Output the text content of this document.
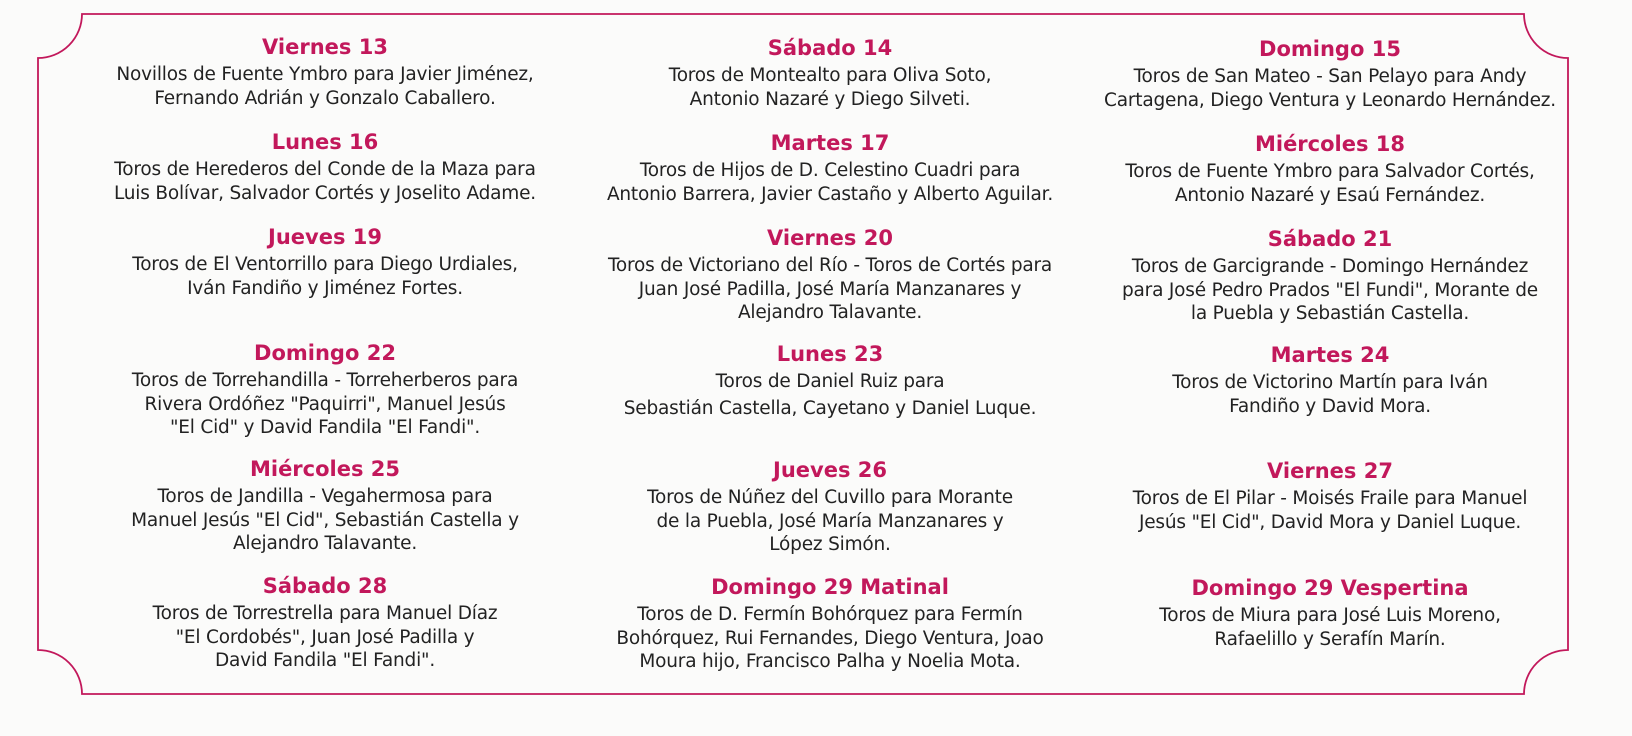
Viernes 13
Novillos de Fuente Ymbro para Javier Jiménez,
Fernando Adrián y Gonzalo Caballero.
Sábado 14
Toros de Montealto para Oliva Soto,
Antonio Nazaré y Diego Silveti.
Domingo 15
Toros de San Mateo - San Pelayo para Andy
Cartagena, Diego Ventura y Leonardo Hernández.
Lunes 16
Toros de Herederos del Conde de la Maza para
Luis Bolívar, Salvador Cortés y Joselito Adame.
Martes 17
Toros de Hijos de D. Celestino Cuadri para
Antonio Barrera, Javier Castaño y Alberto Aguilar.
Miércoles 18
Toros de Fuente Ymbro para Salvador Cortés,
Antonio Nazaré y Esaú Fernández.
Jueves 19
Toros de El Ventorrillo para Diego Urdiales,
Iván Fandiño y Jiménez Fortes.
Viernes 20
Toros de Victoriano del Río - Toros de Cortés para
Juan José Padilla, José María Manzanares y
Alejandro Talavante.
Sábado 21
Toros de Garcigrande - Domingo Hernández
para José Pedro Prados "El Fundi", Morante de
la Puebla y Sebastián Castella.
Domingo 22
Toros de Torrehandilla - Torreherberos para
Rivera Ordóñez "Paquirri", Manuel Jesús
"El Cid" y David Fandila "El Fandi".
Lunes 23
Toros de Daniel Ruiz para
Sebastián Castella, Cayetano y Daniel Luque.
Martes 24
Toros de Victorino Martín para Iván
Fandiño y David Mora.
Miércoles 25
Toros de Jandilla - Vegahermosa para
Manuel Jesús "El Cid", Sebastián Castella y
Alejandro Talavante.
Jueves 26
Toros de Núñez del Cuvillo para Morante
de la Puebla, José María Manzanares y
López Simón.
Viernes 27
Toros de El Pilar - Moisés Fraile para Manuel
Jesús "El Cid", David Mora y Daniel Luque.
Sábado 28
Toros de Torrestrella para Manuel Díaz
"El Cordobés", Juan José Padilla y
David Fandila "El Fandi".
Domingo 29 Matinal
Toros de D. Fermín Bohórquez para Fermín
Bohórquez, Rui Fernandes, Diego Ventura, Joao
Moura hijo, Francisco Palha y Noelia Mota.
Domingo 29 Vespertina
Toros de Miura para José Luis Moreno,
Rafaelillo y Serafín Marín.
